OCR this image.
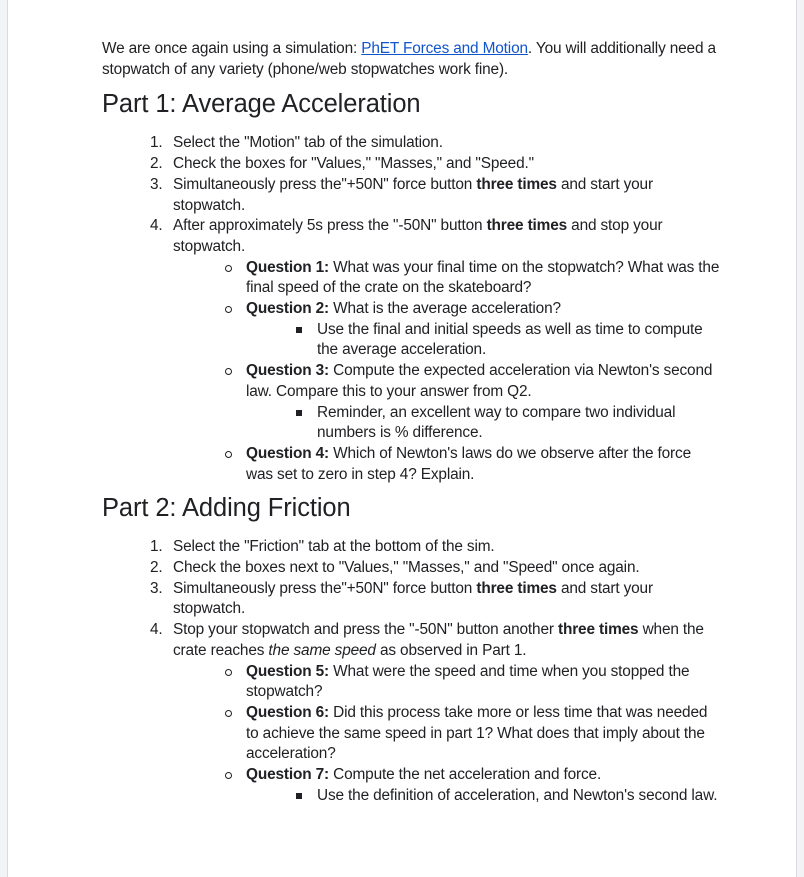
We are once again using a simulation: PhET Forces and Motion. You will additionally need a stopwatch of any variety (phone/web stopwatches work fine).

Part 1: Average Acceleration
1. Select the "Motion" tab of the simulation.
2. Check the boxes for "Values," "Masses," and "Speed."
3. Simultaneously press the"+50N" force button three times and start your stopwatch.
4. After approximately 5s press the "-50N" button three times and stop your stopwatch.
Question 1: What was your final time on the stopwatch? What was the final speed of the crate on the skateboard?
Question 2: What is the average acceleration?
Use the final and initial speeds as well as time to compute the average acceleration.
Question 3: Compute the expected acceleration via Newton's second law. Compare this to your answer from Q2.
Reminder, an excellent way to compare two individual numbers is % difference.
Question 4: Which of Newton's laws do we observe after the force was set to zero in step 4? Explain.
Part 2: Adding Friction
1. Select the "Friction" tab at the bottom of the sim.
2. Check the boxes next to "Values," "Masses," and "Speed" once again.
3. Simultaneously press the"+50N" force button three times and start your stopwatch.
4. Stop your stopwatch and press the "-50N" button another three times when the crate reaches the same speed as observed in Part 1.
Question 5: What were the speed and time when you stopped the stopwatch?
Question 6: Did this process take more or less time that was needed to achieve the same speed in part 1? What does that imply about the acceleration?
Question 7: Compute the net acceleration and force.
Use the definition of acceleration, and Newton's second law.
